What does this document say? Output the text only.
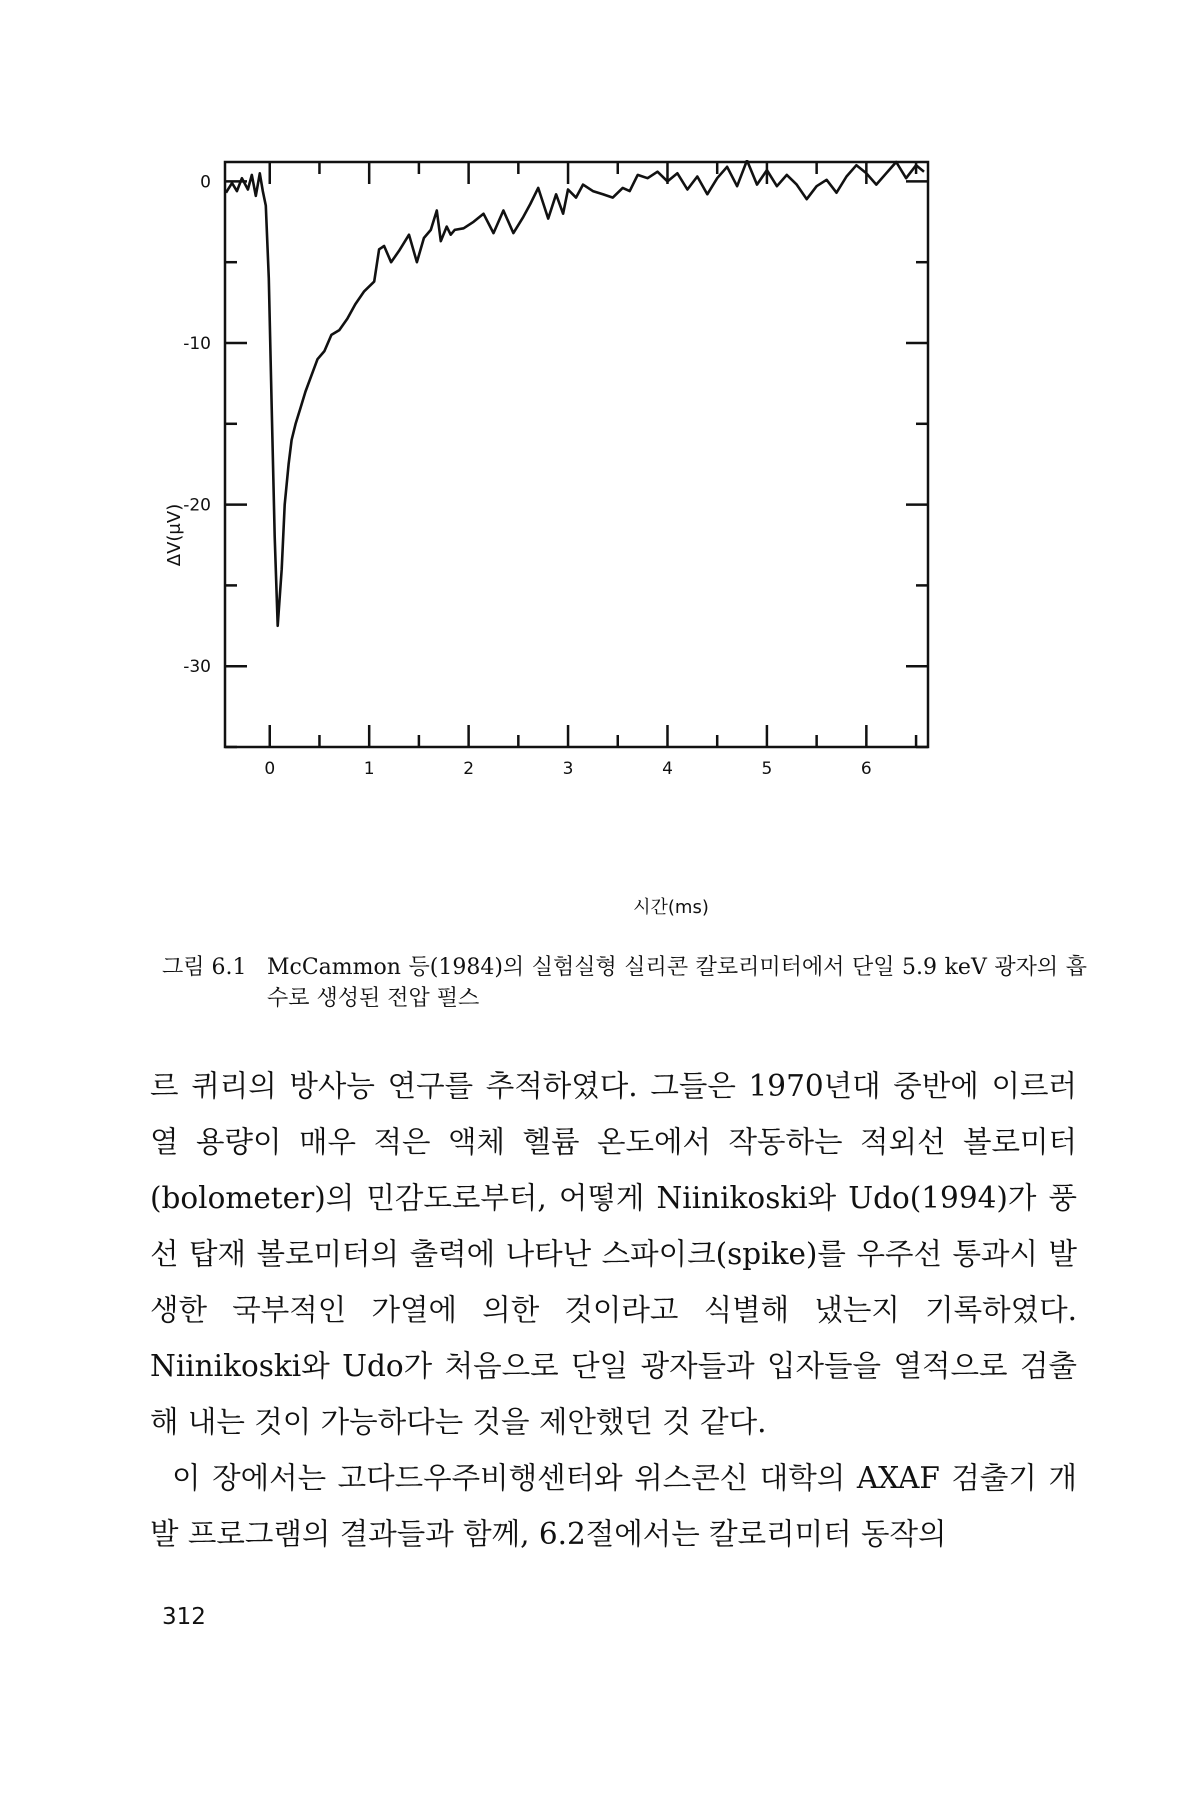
0	1	2	3	4	5	6
0
-10
-20
-30
ΔV(μV)
시간(ms)
그림 6.1 McCammon 등(1984)의 실험실형 실리콘 칼로리미터에서 단일 5.9 keV 광자의 흡수로 생성된 전압 펄스

르 퀴리의 방사능 연구를 추적하였다. 그들은 1970년대 중반에 이르러 열 용량이 매우 적은 액체 헬륨 온도에서 작동하는 적외선 볼로미터(bolometer)의 민감도로부터, 어떻게 Niinikoski와 Udo(1994)가 풍선 탑재 볼로미터의 출력에 나타난 스파이크(spike)를 우주선 통과시 발생한 국부적인 가열에 의한 것이라고 식별해 냈는지 기록하였다. Niinikoski와 Udo가 처음으로 단일 광자들과 입자들을 열적으로 검출해 내는 것이 가능하다는 것을 제안했던 것 같다.

이 장에서는 고다드우주비행센터와 위스콘신 대학의 AXAF 검출기 개발 프로그램의 결과들과 함께, 6.2절에서는 칼로리미터 동작의

312
